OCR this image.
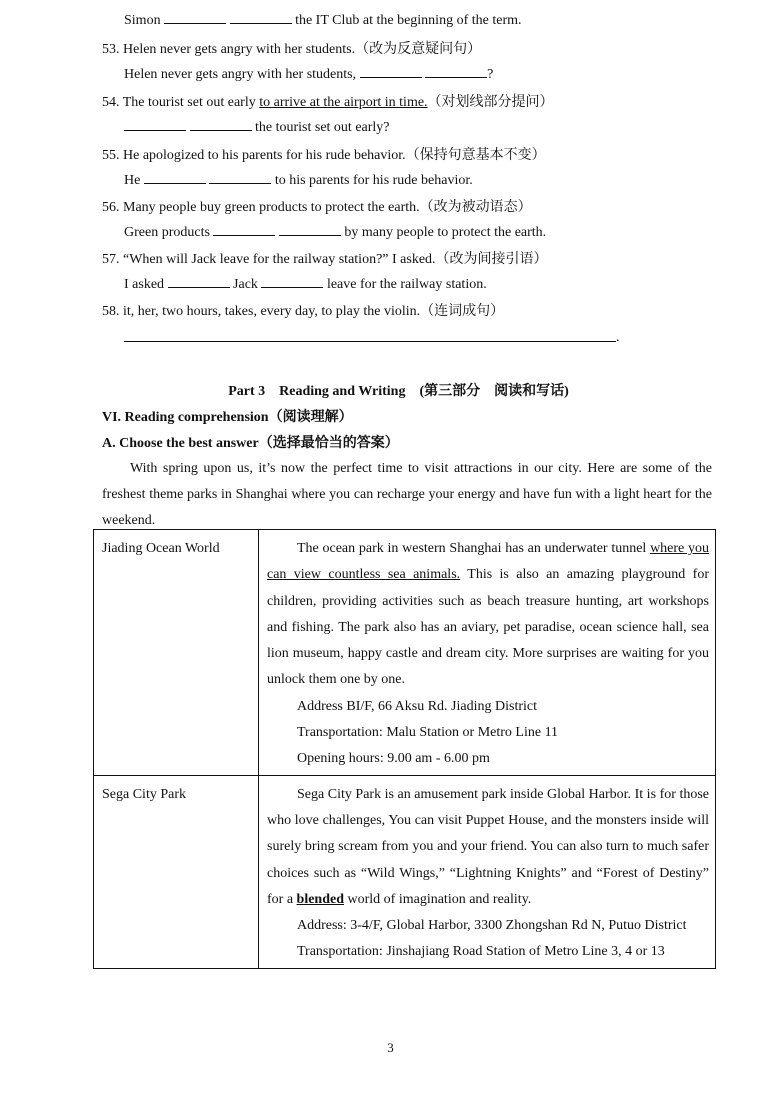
Simon	the IT Club at the beginning of the term.
53. Helen never gets angry with her students.（改为反意疑问句）
Helen never gets angry with her students,	?
54. The tourist set out early to arrive at the airport in time.（对划线部分提问）
the tourist set out early?
55. He apologized to his parents for his rude behavior.（保持句意基本不变）
He	to his parents for his rude behavior.
56. Many people buy green products to protect the earth.（改为被动语态）
Green products	by many people to protect the earth.
57. “When will Jack leave for the railway station?” I asked.（改为间接引语）
I asked	Jack	leave for the railway station.
58. it, her, two hours, takes, every day, to play the violin.（连词成句）
.
Part 3　Reading and Writing　(第三部分　阅读和写话)
VI. Reading comprehension（阅读理解）
A. Choose the best answer（选择最恰当的答案）
With spring upon us, it’s now the perfect time to visit attractions in our city. Here are some of the freshest theme parks in Shanghai where you can recharge your energy and have fun with a light heart for the weekend.
Jiading Ocean World	The ocean park in western Shanghai has an underwater tunnel where you can view countless sea animals. This is also an amazing playground for children, providing activities such as beach treasure hunting, art workshops and fishing. The park also has an aviary, pet paradise, ocean science hall, sea lion museum, happy castle and dream city. More surprises are waiting for you unlock them one by one.
Address BI/F, 66 Aksu Rd. Jiading District
Transportation: Malu Station or Metro Line 11
Opening hours: 9.00 am - 6.00 pm

Sega City Park	Sega City Park is an amusement park inside Global Harbor. It is for those who love challenges, You can visit Puppet House, and the monsters inside will surely bring scream from you and your friend. You can also turn to much safer choices such as “Wild Wings,” “Lightning Knights” and “Forest of Destiny” for a blended world of imagination and reality.
Address: 3-4/F, Global Harbor, 3300 Zhongshan Rd N, Putuo District
Transportation: Jinshajiang Road Station of Metro Line 3, 4 or 13
3
